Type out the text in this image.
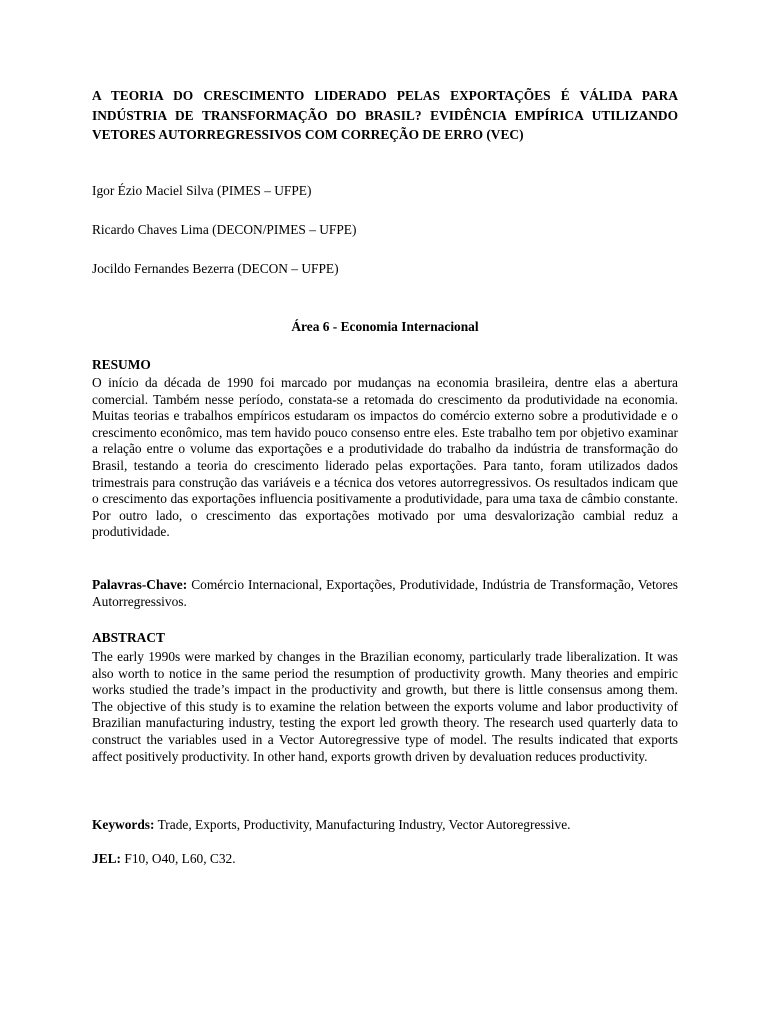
A TEORIA DO CRESCIMENTO LIDERADO PELAS EXPORTAÇÕES É VÁLIDA PARA INDÚSTRIA DE TRANSFORMAÇÃO DO BRASIL? EVIDÊNCIA EMPÍRICA UTILIZANDO VETORES AUTORREGRESSIVOS COM CORREÇÃO DE ERRO (VEC)

Igor Ézio Maciel Silva (PIMES – UFPE)

Ricardo Chaves Lima (DECON/PIMES – UFPE)

Jocildo Fernandes Bezerra (DECON – UFPE)

Área 6 - Economia Internacional

RESUMO

O início da década de 1990 foi marcado por mudanças na economia brasileira, dentre elas a abertura comercial. Também nesse período, constata-se a retomada do crescimento da produtividade na economia. Muitas teorias e trabalhos empíricos estudaram os impactos do comércio externo sobre a produtividade e o crescimento econômico, mas tem havido pouco consenso entre eles. Este trabalho tem por objetivo examinar a relação entre o volume das exportações e a produtividade do trabalho da indústria de transformação do Brasil, testando a teoria do crescimento liderado pelas exportações. Para tanto, foram utilizados dados trimestrais para construção das variáveis e a técnica dos vetores autorregressivos. Os resultados indicam que o crescimento das exportações influencia positivamente a produtividade, para uma taxa de câmbio constante. Por outro lado, o crescimento das exportações motivado por uma desvalorização cambial reduz a produtividade.

Palavras-Chave: Comércio Internacional, Exportações, Produtividade, Indústria de Transformação, Vetores Autorregressivos.

ABSTRACT

The early 1990s were marked by changes in the Brazilian economy, particularly trade liberalization. It was also worth to notice in the same period the resumption of productivity growth. Many theories and empiric works studied the trade’s impact in the productivity and growth, but there is little consensus among them. The objective of this study is to examine the relation between the exports volume and labor productivity of Brazilian manufacturing industry, testing the export led growth theory. The research used quarterly data to construct the variables used in a Vector Autoregressive type of model. The results indicated that exports affect positively productivity. In other hand, exports growth driven by devaluation reduces productivity.

Keywords: Trade, Exports, Productivity, Manufacturing Industry, Vector Autoregressive.

JEL: F10, O40, L60, C32.
